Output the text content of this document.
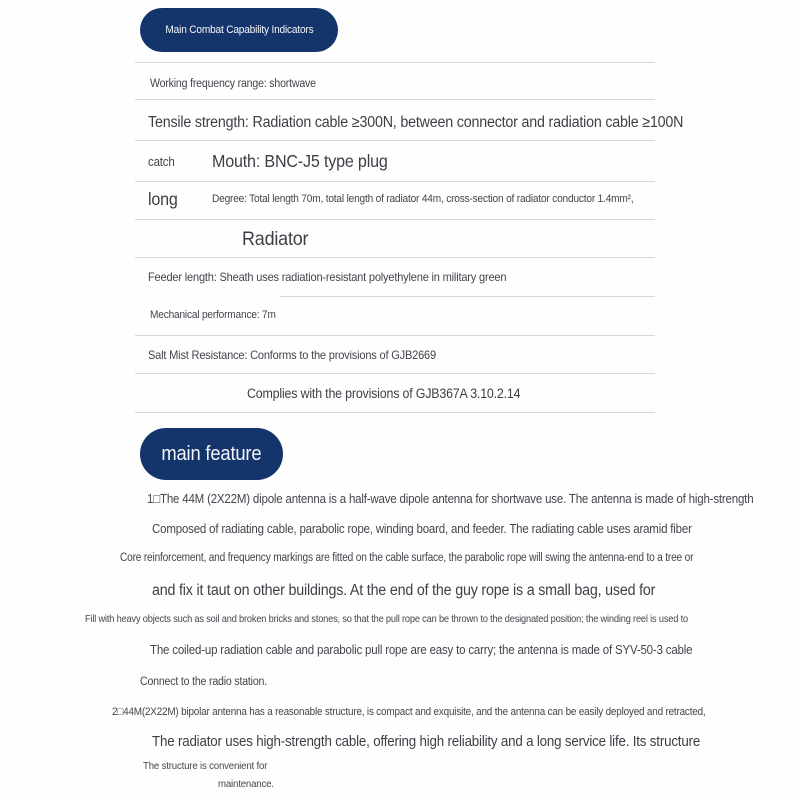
Main Combat Capability Indicators
Working frequency range: shortwave
Tensile strength: Radiation cable ≥300N, between connector and radiation cable ≥100N
catch Mouth: BNC-J5 type plug
long	Degree: Total length 70m, total length of radiator 44m, cross-section of radiator conductor 1.4mm²,
Radiator
Feeder length: Sheath uses radiation-resistant polyethylene in military green
Mechanical performance: 7m
Salt Mist Resistance: Conforms to the provisions of GJB2669
Complies with the provisions of GJB367A 3.10.2.14
main feature
1□The 44M (2X22M) dipole antenna is a half-wave dipole antenna for shortwave use. The antenna is made of high-strength
Composed of radiating cable, parabolic rope, winding board, and feeder. The radiating cable uses aramid fiber
Core reinforcement, and frequency markings are fitted on the cable surface, the parabolic rope will swing the antenna-end to a tree or
and fix it taut on other buildings. At the end of the guy rope is a small bag, used for
Fill with heavy objects such as soil and broken bricks and stones, so that the pull rope can be thrown to the designated position; the winding reel is used to
The coiled-up radiation cable and parabolic pull rope are easy to carry; the antenna is made of SYV-50-3 cable
Connect to the radio station.
2□44M(2X22M) bipolar antenna has a reasonable structure, is compact and exquisite, and the antenna can be easily deployed and retracted,
The radiator uses high-strength cable, offering high reliability and a long service life. Its structure
The structure is convenient for
maintenance.
